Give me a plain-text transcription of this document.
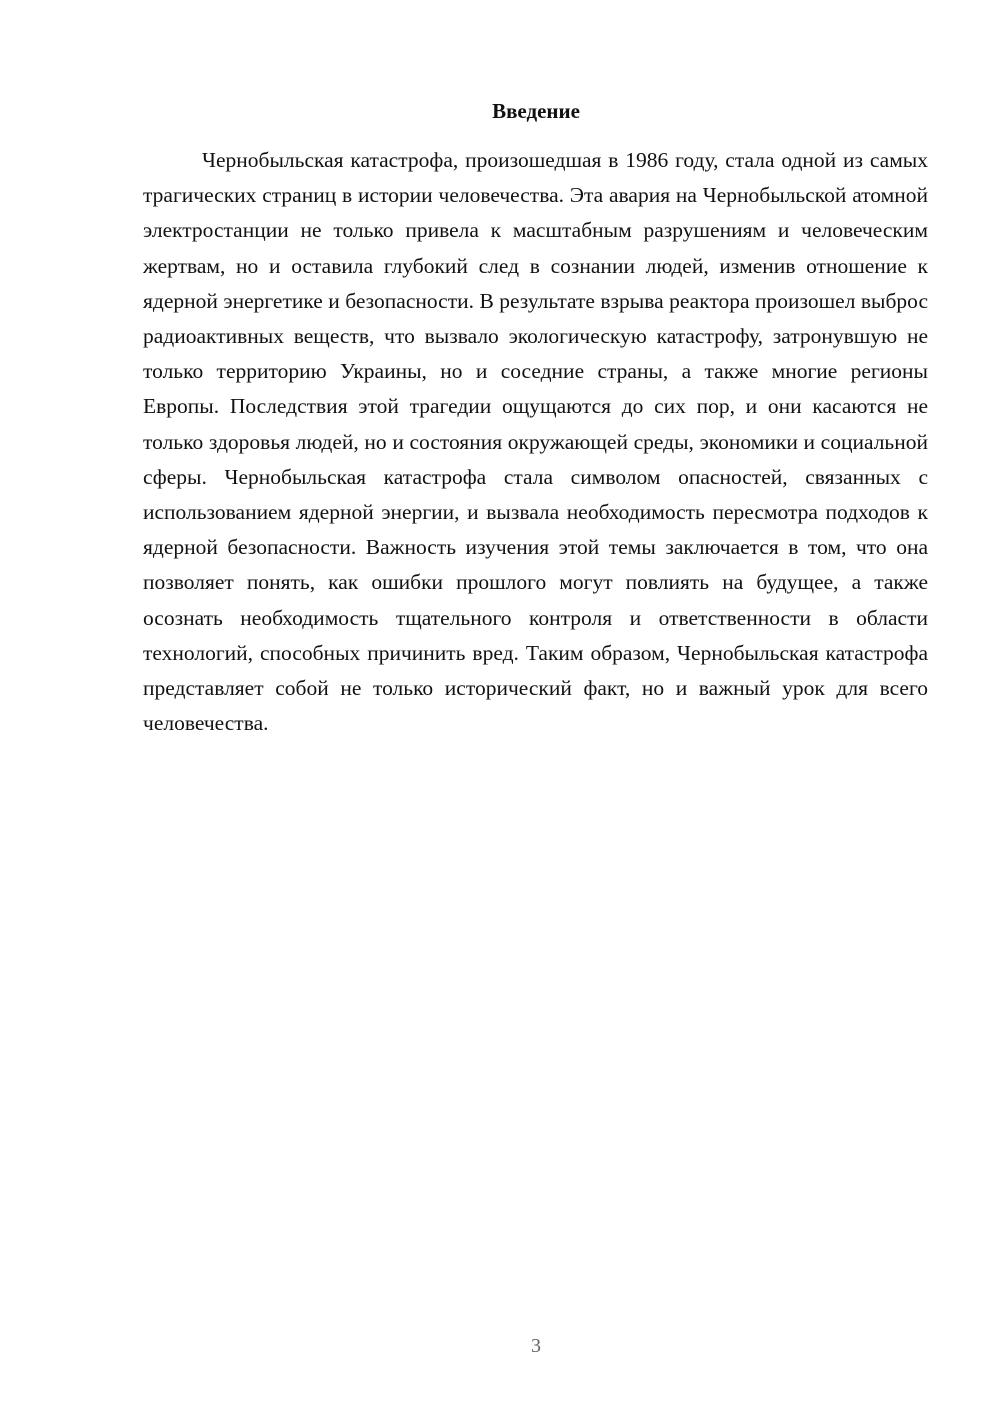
Введение

Чернобыльская катастрофа, произошедшая в 1986 году, стала одной из самых трагических страниц в истории человечества. Эта авария на Чернобыльской атомной электростанции не только привела к масштабным разрушениям и человеческим жертвам, но и оставила глубокий след в сознании людей, изменив отношение к ядерной энергетике и безопасности. В результате взрыва реактора произошел выброс радиоактивных веществ, что вызвало экологическую катастрофу, затронувшую не только территорию Украины, но и соседние страны, а также многие регионы Европы. Последствия этой трагедии ощущаются до сих пор, и они касаются не только здоровья людей, но и состояния окружающей среды, экономики и социальной сферы. Чернобыльская катастрофа стала символом опасностей, связанных с использованием ядерной энергии, и вызвала необходимость пересмотра подходов к ядерной безопасности. Важность изучения этой темы заключается в том, что она позволяет понять, как ошибки прошлого могут повлиять на будущее, а также осознать необходимость тщательного контроля и ответственности в области технологий, способных причинить вред. Таким образом, Чернобыльская катастрофа представляет собой не только исторический факт, но и важный урок для всего человечества.

3
